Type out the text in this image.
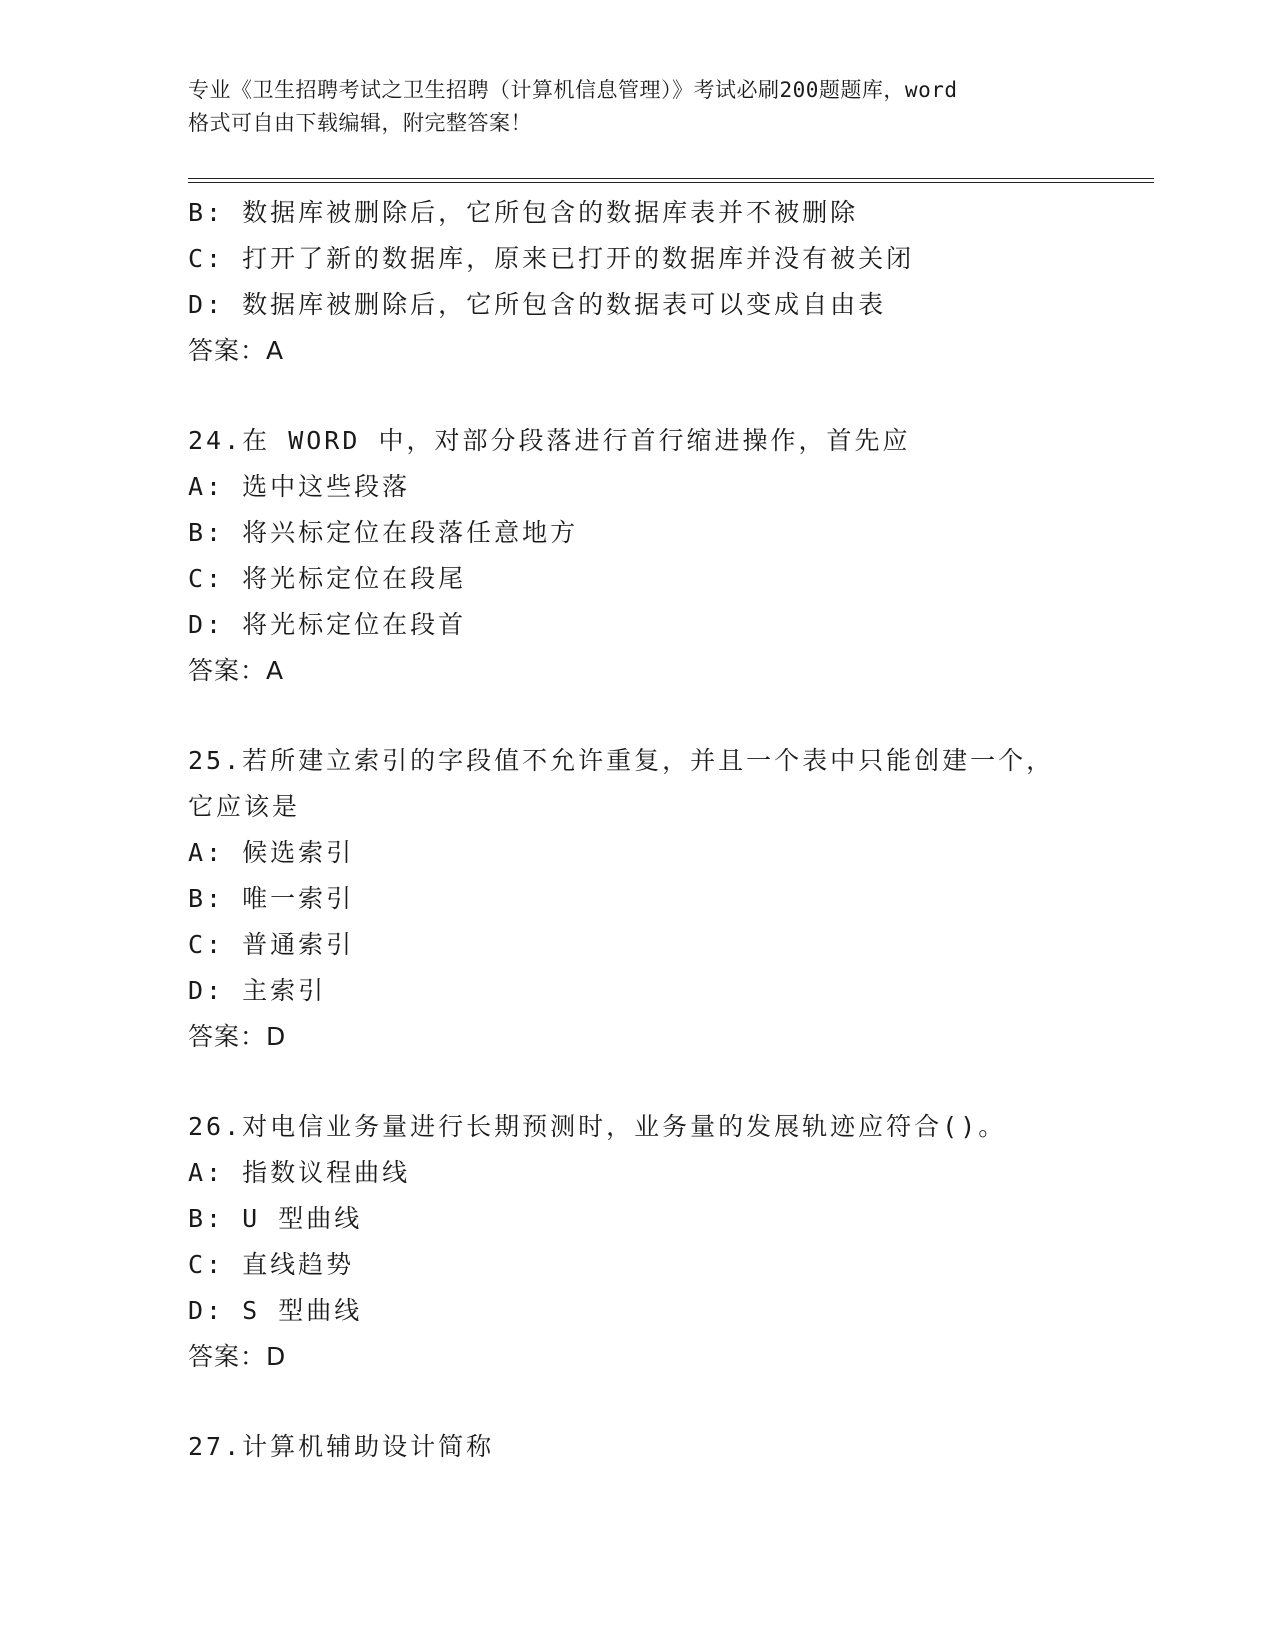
专业《卫生招聘考试之卫生招聘（计算机信息管理）》考试必刷200题题库，word
格式可自由下载编辑，附完整答案！
B: 数据库被删除后，它所包含的数据库表并不被删除
C: 打开了新的数据库，原来已打开的数据库并没有被关闭
D: 数据库被删除后，它所包含的数据表可以变成自由表
答案：A
24.在 WORD 中，对部分段落进行首行缩进操作，首先应
A: 选中这些段落
B: 将兴标定位在段落任意地方
C: 将光标定位在段尾
D: 将光标定位在段首
答案：A
25.若所建立索引的字段值不允许重复，并且一个表中只能创建一个，
它应该是
A: 候选索引
B: 唯一索引
C: 普通索引
D: 主索引
答案：D
26.对电信业务量进行长期预测时，业务量的发展轨迹应符合()。
A: 指数议程曲线
B: U 型曲线
C: 直线趋势
D: S 型曲线
答案：D
27.计算机辅助设计简称
